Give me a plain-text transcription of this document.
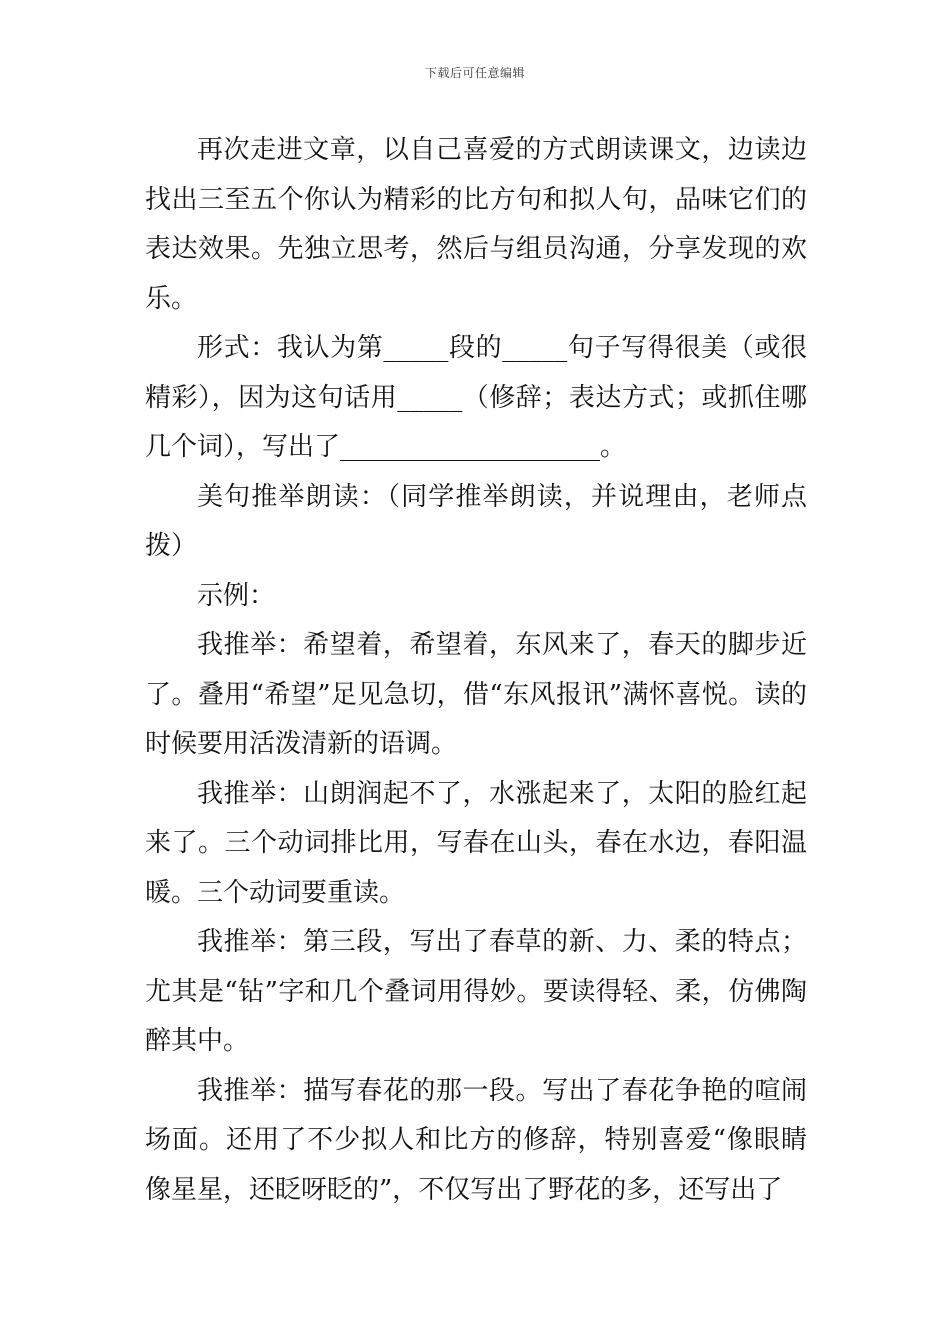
下载后可任意编辑

再次走进文章，以自己喜爱的方式朗读课文，边读边找出三至五个你认为精彩的比方句和拟人句，品味它们的表达效果。先独立思考，然后与组员沟通，分享发现的欢乐。

形式：我认为第_____段的_____句子写得很美（或很精彩），因为这句话用_____（修辞；表达方式；或抓住哪几个词），写出了____________________。

美句推举朗读：（同学推举朗读，并说理由，老师点拨）

示例：

我推举：希望着，希望着，东风来了，春天的脚步近了。叠用“希望”足见急切，借“东风报讯”满怀喜悦。读的时候要用活泼清新的语调。

我推举：山朗润起不了，水涨起来了，太阳的脸红起来了。三个动词排比用，写春在山头，春在水边，春阳温暖。三个动词要重读。

我推举：第三段，写出了春草的新、力、柔的特点；尤其是“钻”字和几个叠词用得妙。要读得轻、柔，仿佛陶醉其中。

我推举：描写春花的那一段。写出了春花争艳的喧闹场面。还用了不少拟人和比方的修辞，特别喜爱“像眼睛像星星，还眨呀眨的”，不仅写出了野花的多，还写出了
